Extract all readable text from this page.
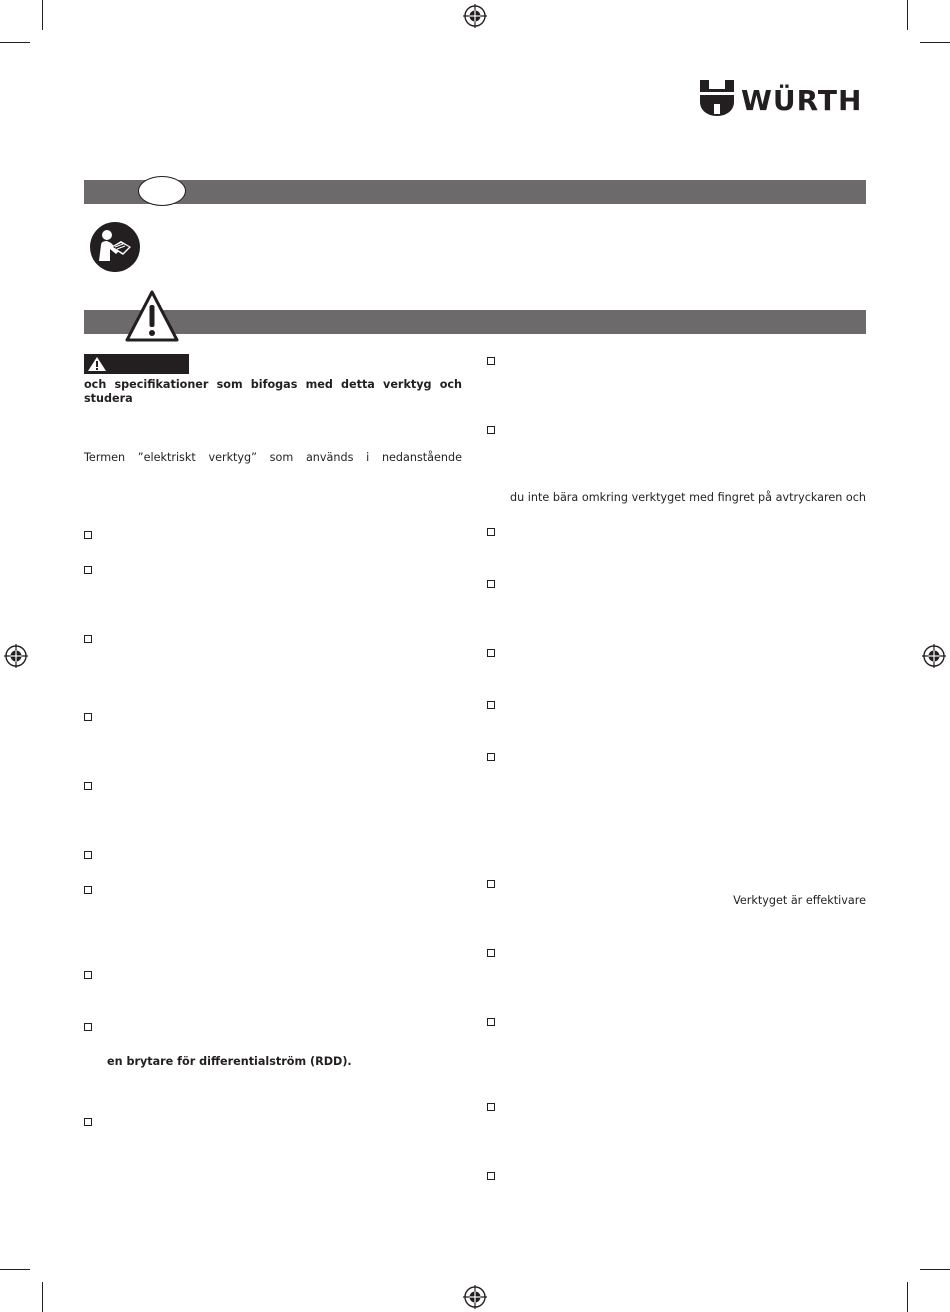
WÜRTH
och specifikationer som bifogas med detta verktyg och studera
Termen ”elektriskt verktyg” som används i nedanstående
en brytare för differentialström (RDD).
du inte bära omkring verktyget med fingret på avtryckaren och
Verktyget är effektivare
